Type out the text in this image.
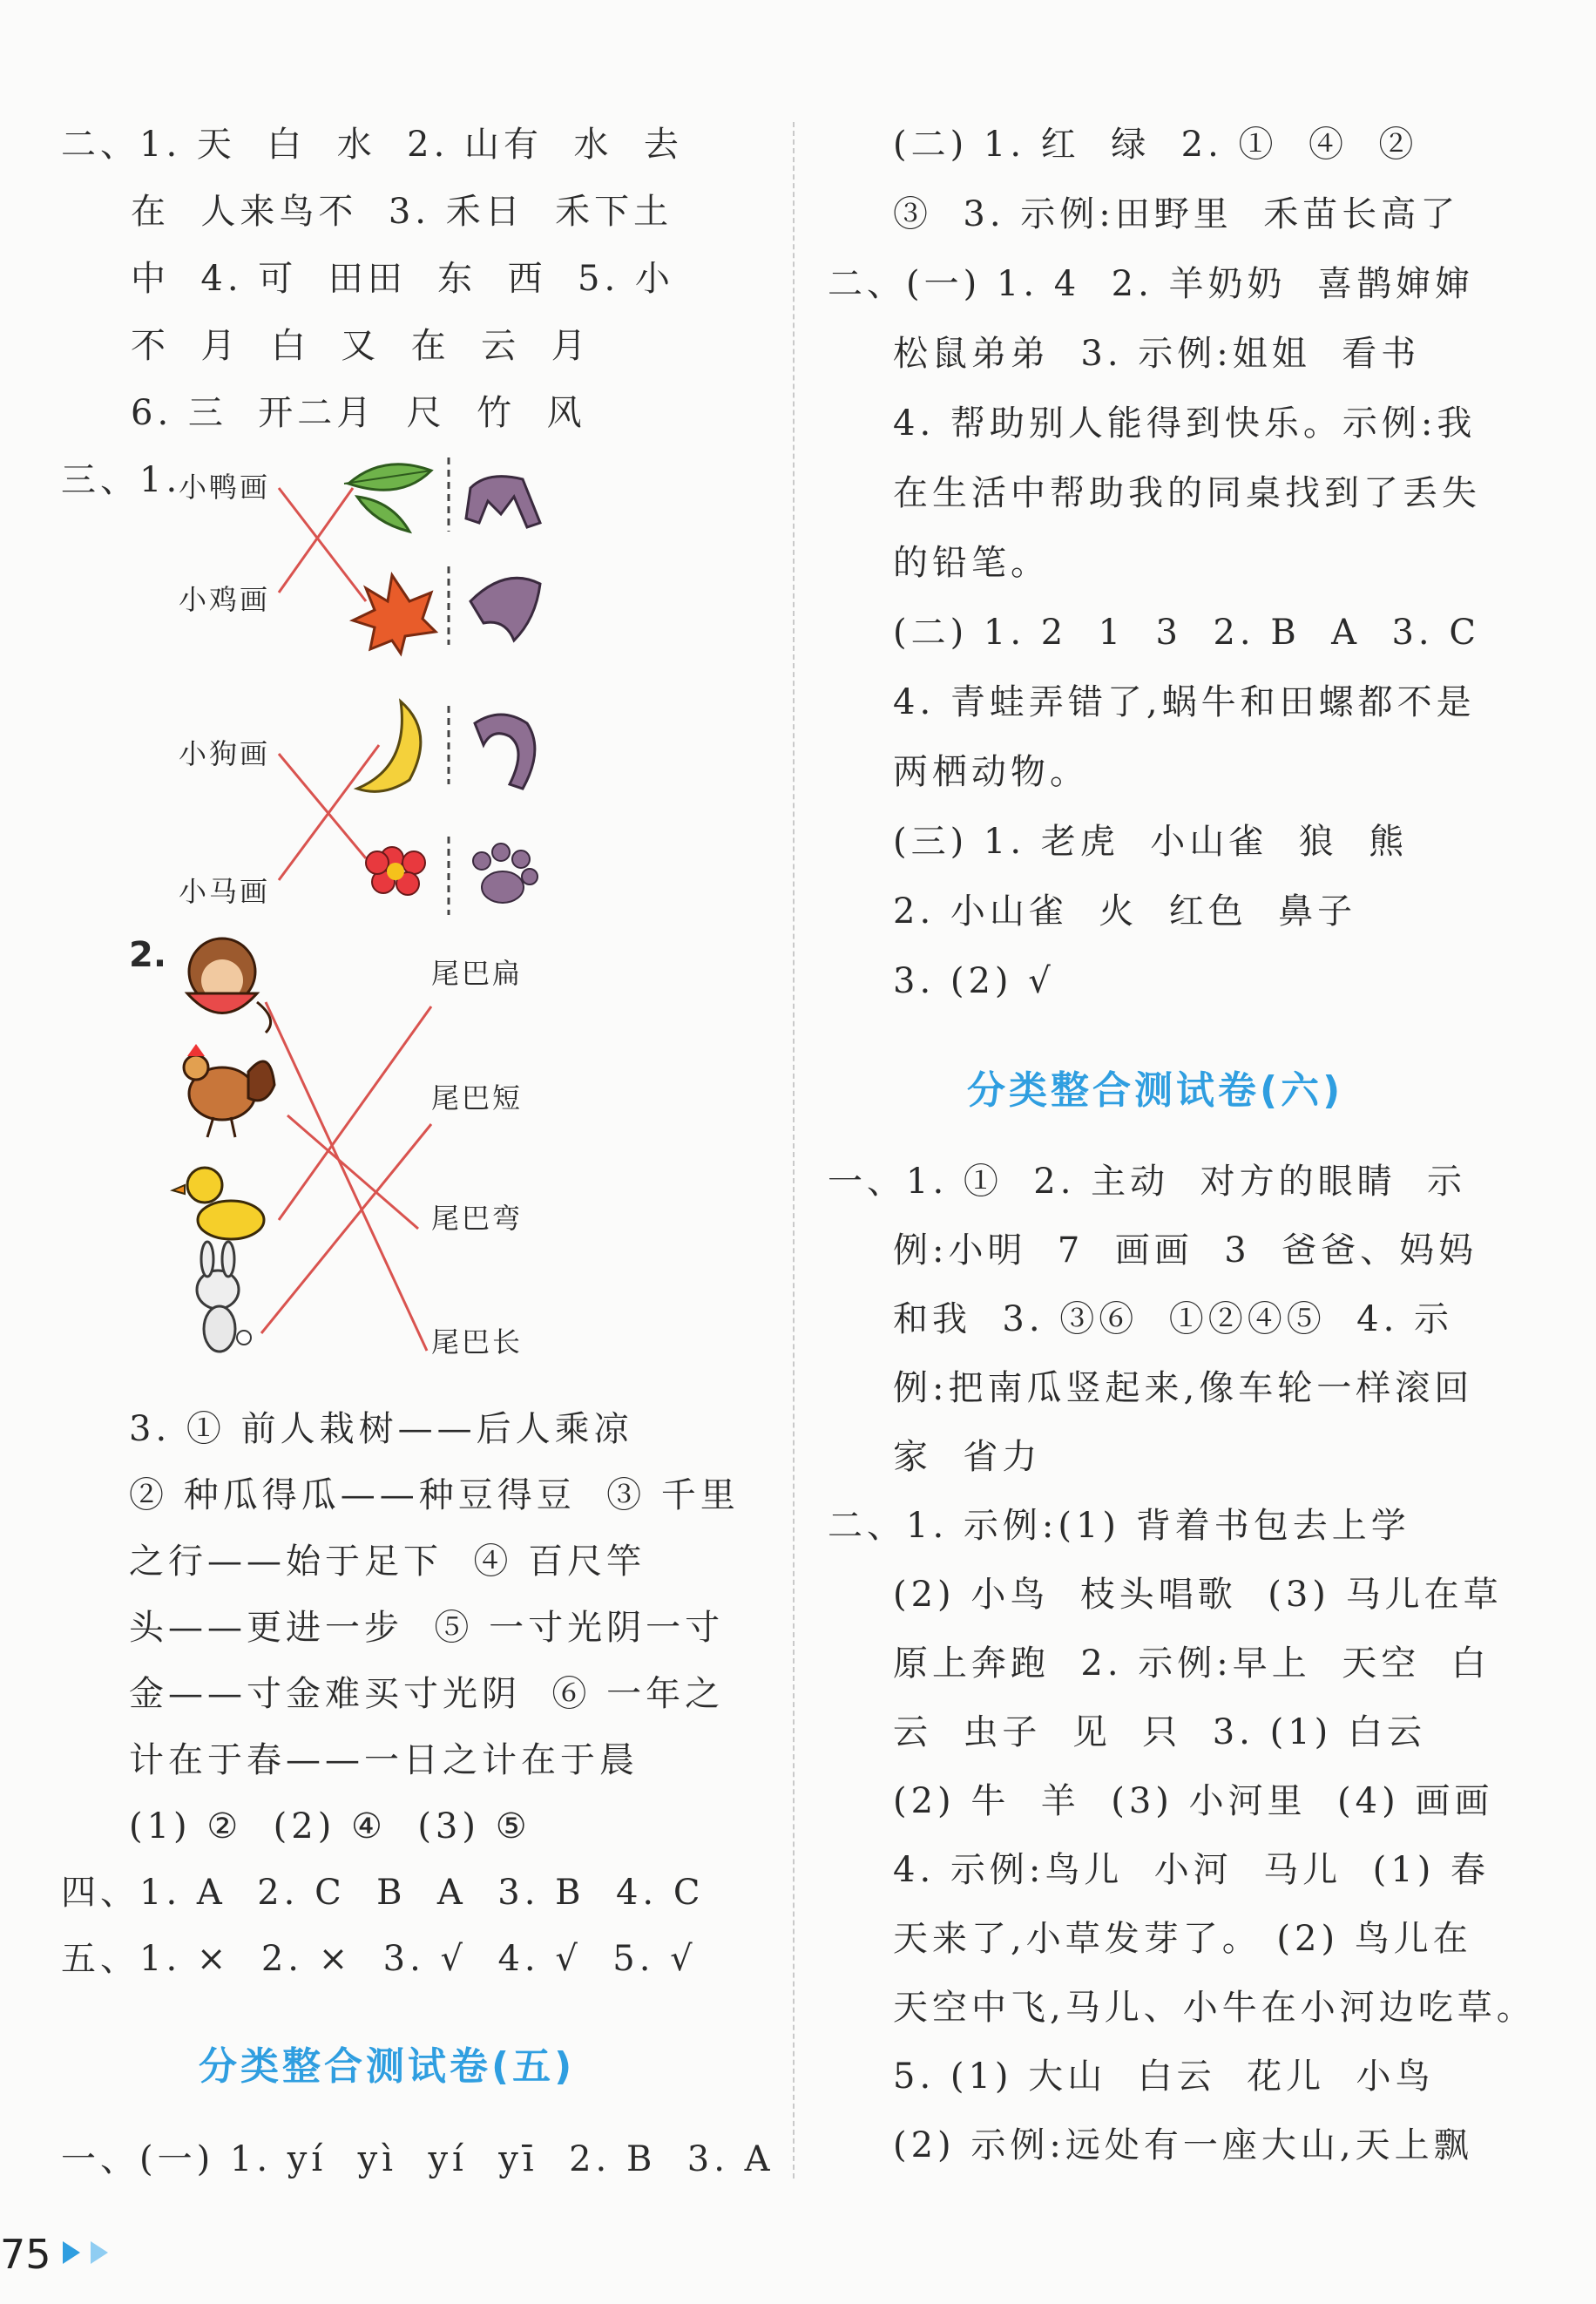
二、1. 天  白  水  2. 山有  水  去
在  人来鸟不  3. 禾日  禾下土
中  4. 可  田田  东  西  5. 小
不  月  白  又  在  云  月
6. 三  开二月  尺  竹  风
三、1.
小鸭画
小鸡画
小狗画
小马画
2.	尾巴扁
尾巴短
尾巴弯
尾巴长
3. ① 前人栽树——后人乘凉
② 种瓜得瓜——种豆得豆  ③ 千里
之行——始于足下  ④ 百尺竿
头——更进一步  ⑤ 一寸光阴一寸
金——寸金难买寸光阴  ⑥ 一年之
计在于春——一日之计在于晨
(1) ②  (2) ④  (3) ⑤
四、1. A  2. C  B  A  3. B  4. C
五、1. ×  2. ×  3. √  4. √  5. √
分类整合测试卷(五)
一、(一) 1. yí  yì  yí  yī  2. B  3. A
(二) 1. 红  绿  2. ①  ④  ②
③  3. 示例:田野里  禾苗长高了
二、(一) 1. 4  2. 羊奶奶  喜鹊婶婶
松鼠弟弟  3. 示例:姐姐  看书
4. 帮助别人能得到快乐。示例:我
在生活中帮助我的同桌找到了丢失
的铅笔。
(二) 1. 2  1  3  2. B  A  3. C
4. 青蛙弄错了,蜗牛和田螺都不是
两栖动物。
(三) 1. 老虎  小山雀  狼  熊
2. 小山雀  火  红色  鼻子
3. (2) √
分类整合测试卷(六)
一、1. ①  2. 主动  对方的眼睛  示
例:小明  7  画画  3  爸爸、妈妈
和我  3. ③⑥  ①②④⑤  4. 示
例:把南瓜竖起来,像车轮一样滚回
家  省力
二、1. 示例:(1) 背着书包去上学
(2) 小鸟  枝头唱歌  (3) 马儿在草
原上奔跑  2. 示例:早上  天空  白
云  虫子  见  只  3. (1) 白云
(2) 牛  羊  (3) 小河里  (4) 画画
4. 示例:鸟儿  小河  马儿  (1) 春
天来了,小草发芽了。 (2) 鸟儿在
天空中飞,马儿、小牛在小河边吃草。
5. (1) 大山  白云  花儿  小鸟
(2) 示例:远处有一座大山,天上飘
75
